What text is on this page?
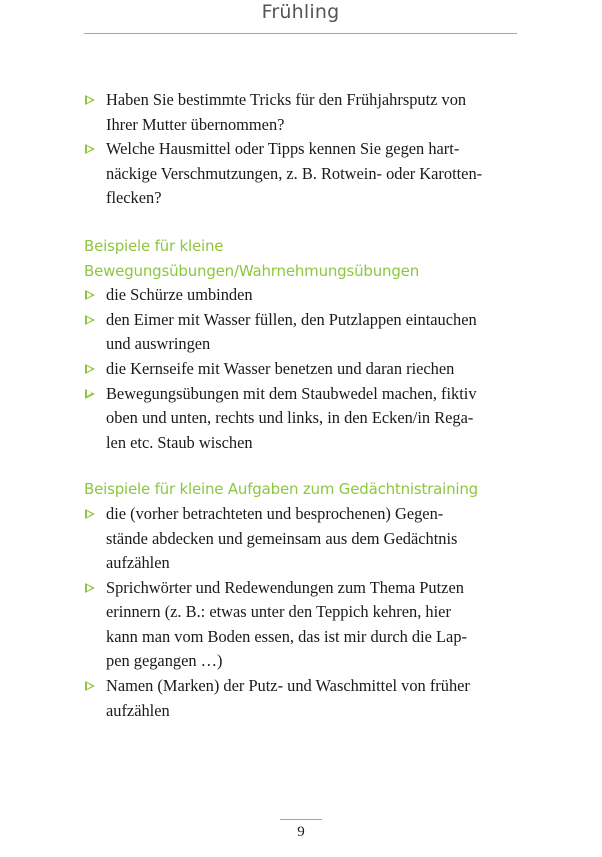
Frühling
Haben Sie bestimmte Tricks für den Frühjahrsputz von
Ihrer Mutter übernommen?
Welche Hausmittel oder Tipps kennen Sie gegen hart-
näckige Verschmutzungen, z. B. Rotwein- oder Karotten-
flecken?
Beispiele für kleine Bewegungsübungen/Wahrnehmungsübungen
die Schürze umbinden
den Eimer mit Wasser füllen, den Putzlappen eintauchen
und auswringen
die Kernseife mit Wasser benetzen und daran riechen
Bewegungsübungen mit dem Staubwedel machen, fiktiv
oben und unten, rechts und links, in den Ecken/in Rega-
len etc. Staub wischen
Beispiele für kleine Aufgaben zum Gedächtnistraining
die (vorher betrachteten und besprochenen) Gegen-
stände abdecken und gemeinsam aus dem Gedächtnis
aufzählen
Sprichwörter und Redewendungen zum Thema Putzen
erinnern (z. B.: etwas unter den Teppich kehren, hier
kann man vom Boden essen, das ist mir durch die Lap-
pen gegangen …)
Namen (Marken) der Putz- und Waschmittel von früher
aufzählen
9
